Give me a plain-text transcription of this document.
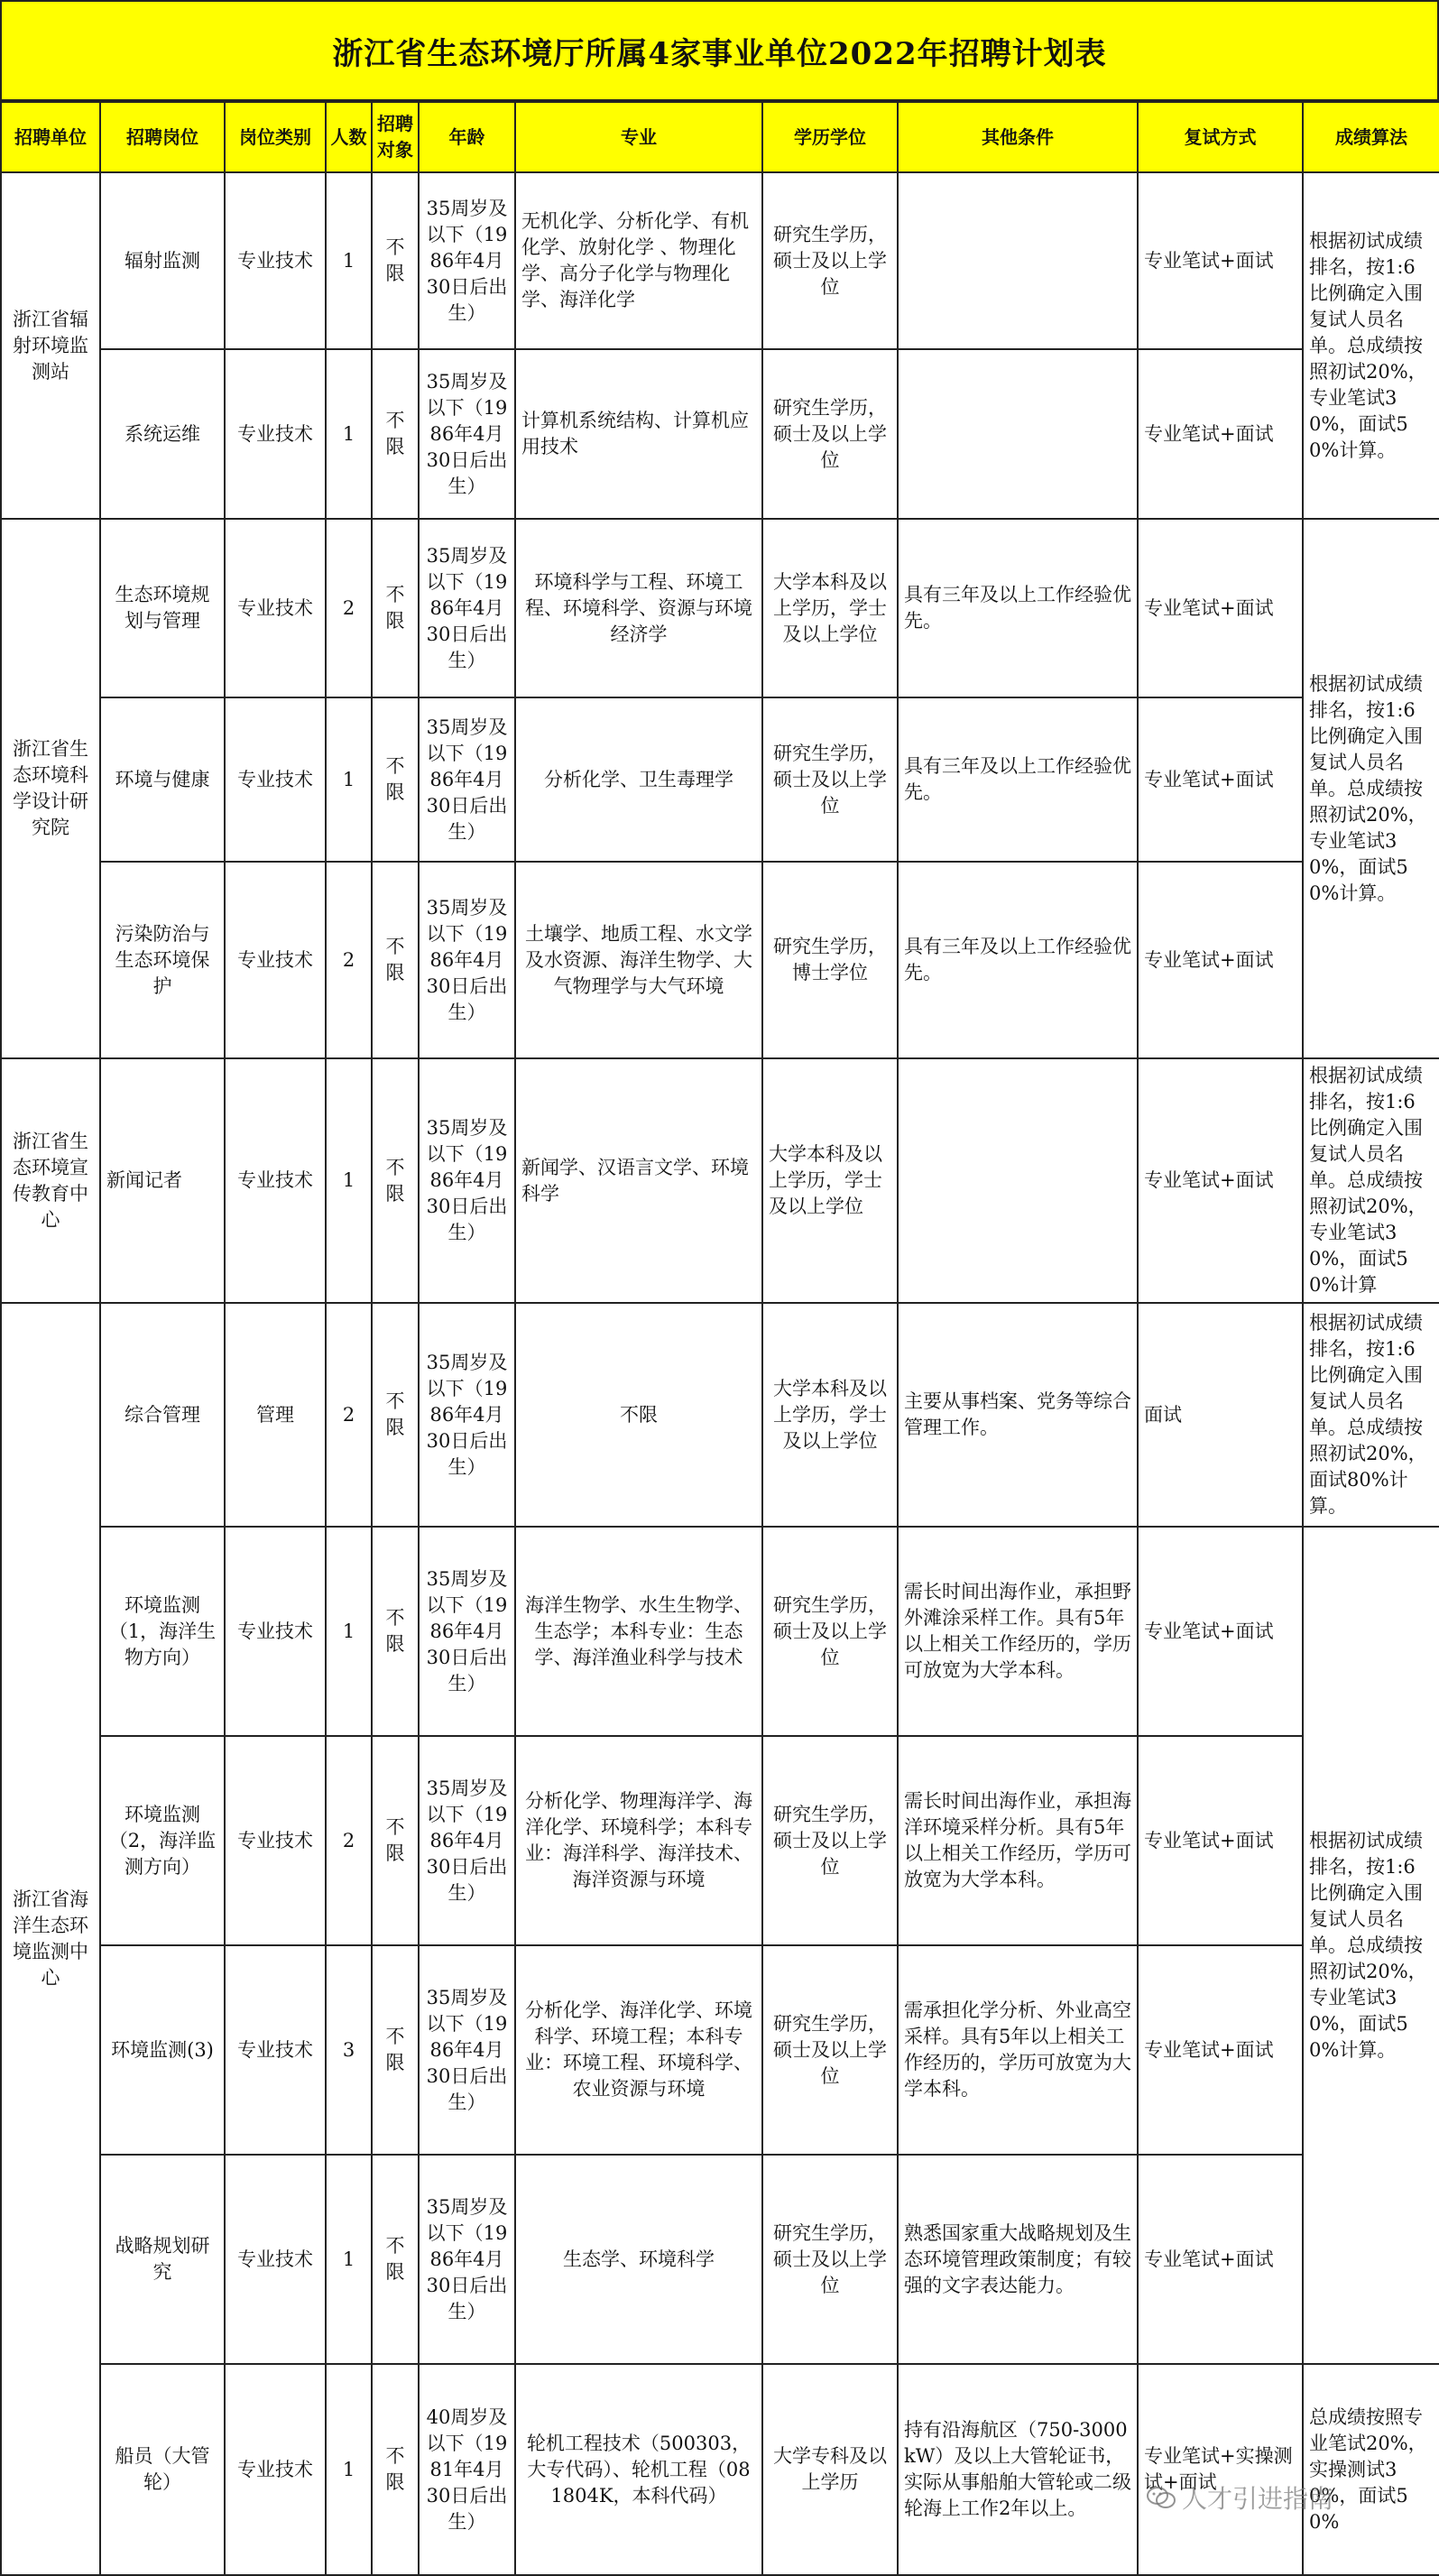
浙江省生态环境厅所属4家事业单位2022年招聘计划表
招聘单位	招聘岗位	岗位类别	人数	招聘对象	年龄	专业	学历学位	其他条件	复试方式	成绩算法
浙江省辐射环境监测站	辐射监测	专业技术	1	不限	35周岁及以下（1986年4月30日后出生）	无机化学、分析化学、有机化学、放射化学 、物理化学、高分子化学与物理化学、海洋化学	研究生学历，硕士及以上学位		专业笔试+面试	根据初试成绩排名，按1:6比例确定入围复试人员名单。总成绩按照初试20%，专业笔试30%，面试50%计算。
	系统运维	专业技术	1	不限	35周岁及以下（1986年4月30日后出生）	计算机系统结构、计算机应用技术	研究生学历，硕士及以上学位		专业笔试+面试	
浙江省生态环境科学设计研究院	生态环境规划与管理	专业技术	2	不限	35周岁及以下（1986年4月30日后出生）	环境科学与工程、环境工程、环境科学、资源与环境经济学	大学本科及以上学历，学士及以上学位	具有三年及以上工作经验优先。	专业笔试+面试	根据初试成绩排名，按1:6比例确定入围复试人员名单。总成绩按照初试20%，专业笔试30%，面试50%计算。
	环境与健康	专业技术	1	不限	35周岁及以下（1986年4月30日后出生）	分析化学、卫生毒理学	研究生学历，硕士及以上学位	具有三年及以上工作经验优先。	专业笔试+面试	
	污染防治与生态环境保护	专业技术	2	不限	35周岁及以下（1986年4月30日后出生）	土壤学、地质工程、水文学及水资源、海洋生物学、大气物理学与大气环境	研究生学历，博士学位	具有三年及以上工作经验优先。	专业笔试+面试	
浙江省生态环境宣传教育中心	新闻记者	专业技术	1	不限	35周岁及以下（1986年4月30日后出生）	新闻学、汉语言文学、环境科学	大学本科及以上学历，学士及以上学位		专业笔试+面试	根据初试成绩排名，按1:6比例确定入围复试人员名单。总成绩按照初试20%，专业笔试30%，面试50%计算
浙江省海洋生态环境监测中心	综合管理	管理	2	不限	35周岁及以下（1986年4月30日后出生）	不限	大学本科及以上学历，学士及以上学位	主要从事档案、党务等综合管理工作。	面试	根据初试成绩排名，按1:6比例确定入围复试人员名单。总成绩按照初试20%，面试80%计算。
	环境监测（1，海洋生物方向）	专业技术	1	不限	35周岁及以下（1986年4月30日后出生）	海洋生物学、水生生物学、生态学；本科专业：生态学、海洋渔业科学与技术	研究生学历，硕士及以上学位	需长时间出海作业，承担野外滩涂采样工作。具有5年以上相关工作经历的，学历可放宽为大学本科。	专业笔试+面试	根据初试成绩排名，按1:6比例确定入围复试人员名单。总成绩按照初试20%，专业笔试30%，面试50%计算。
	环境监测（2，海洋监测方向）	专业技术	2	不限	35周岁及以下（1986年4月30日后出生）	分析化学、物理海洋学、海洋化学、环境科学；本科专业：海洋科学、海洋技术、海洋资源与环境	研究生学历，硕士及以上学位	需长时间出海作业，承担海洋环境采样分析。具有5年以上相关工作经历，学历可放宽为大学本科。	专业笔试+面试	
	环境监测(3)	专业技术	3	不限	35周岁及以下（1986年4月30日后出生）	分析化学、海洋化学、环境科学、环境工程；本科专业：环境工程、环境科学、农业资源与环境	研究生学历，硕士及以上学位	需承担化学分析、外业高空采样。具有5年以上相关工作经历的，学历可放宽为大学本科。	专业笔试+面试	
	战略规划研究	专业技术	1	不限	35周岁及以下（1986年4月30日后出生）	生态学、环境科学	研究生学历，硕士及以上学位	熟悉国家重大战略规划及生态环境管理政策制度；有较强的文字表达能力。	专业笔试+面试	
	船员（大管轮）	专业技术	1	不限	40周岁及以下（1981年4月30日后出生）	轮机工程技术（500303，大专代码）、轮机工程（081804K，本科代码）	大学专科及以上学历	持有沿海航区（750-3000kW）及以上大管轮证书，实际从事船舶大管轮或二级轮海上工作2年以上。	专业笔试+实操测试+面试	总成绩按照专业笔试20%，实操测试30%，面试50%
人才引进指南
